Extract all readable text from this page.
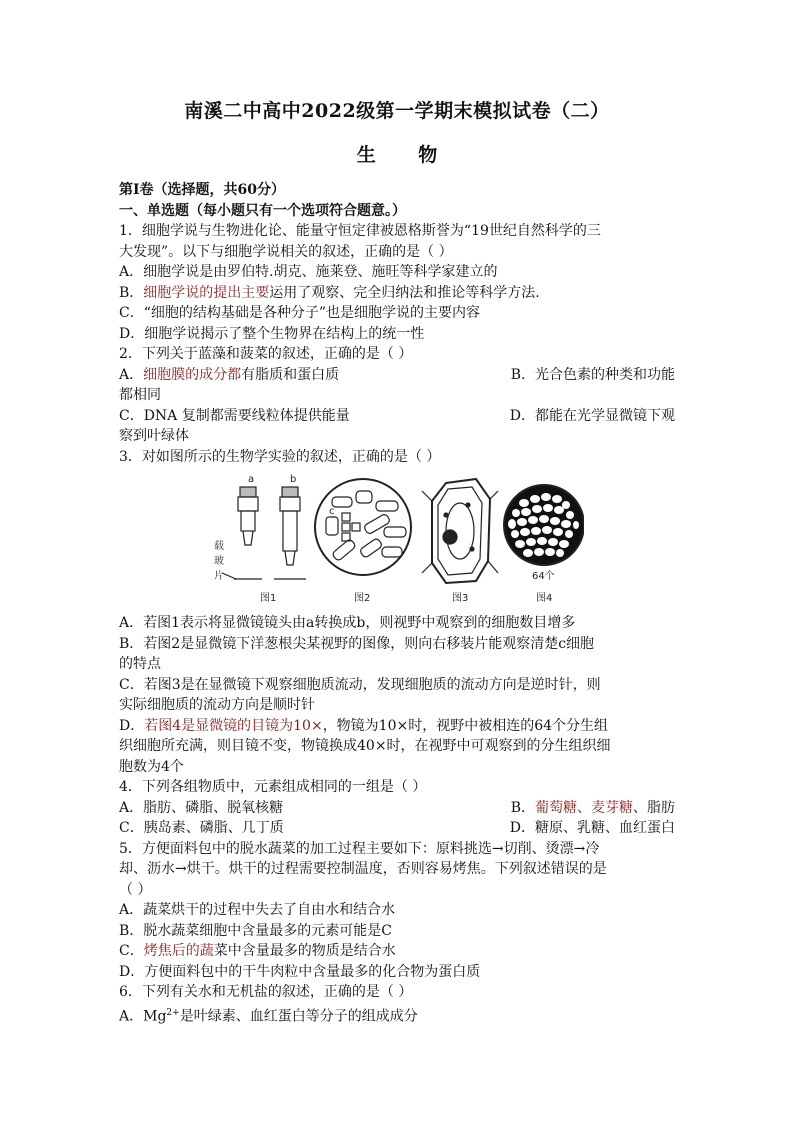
南溪二中高中2022级第一学期末模拟试卷（二）
生 物
第Ⅰ卷（选择题，共60分）
一、单选题（每小题只有一个选项符合题意。）
1．细胞学说与生物进化论、能量守恒定律被恩格斯誉为“19世纪自然科学的三
大发现”。以下与细胞学说相关的叙述，正确的是（ ）
A．细胞学说是由罗伯特.胡克、施莱登、施旺等科学家建立的
B．细胞学说的提出主要运用了观察、完全归纳法和推论等科学方法.
C．“细胞的结构基础是各种分子”也是细胞学说的主要内容
D．细胞学说揭示了整个生物界在结构上的统一性
2．下列关于蓝藻和菠菜的叙述，正确的是（ ）
A．细胞膜的成分都有脂质和蛋白质	B．光合色素的种类和功能
都相同
C．DNA 复制都需要线粒体提供能量	D．都能在光学显微镜下观
察到叶绿体
3．对如图所示的生物学实验的叙述，正确的是（ ）
a	b
载
玻
片
图1
c
图2	图3
64个
图4
A．若图1表示将显微镜镜头由a转换成b，则视野中观察到的细胞数目增多
B．若图2是显微镜下洋葱根尖某视野的图像，则向右移装片能观察清楚c细胞
的特点
C．若图3是在显微镜下观察细胞质流动，发现细胞质的流动方向是逆时针，则
实际细胞质的流动方向是顺时针
D．若图4是显微镜的目镜为10×，物镜为10×时，视野中被相连的64个分生组
织细胞所充满，则目镜不变，物镜换成40×时，在视野中可观察到的分生组织细
胞数为4个
4．下列各组物质中，元素组成相同的一组是（ ）
A．脂肪、磷脂、脱氧核糖	B．葡萄糖、麦芽糖、脂肪
C．胰岛素、磷脂、几丁质	D．糖原、乳糖、血红蛋白
5．方便面料包中的脱水蔬菜的加工过程主要如下：原料挑选→切削、烫漂→冷
却、沥水→烘干。烘干的过程需要控制温度，否则容易烤焦。下列叙述错误的是
（ ）
A．蔬菜烘干的过程中失去了自由水和结合水
B．脱水蔬菜细胞中含量最多的元素可能是C
C．烤焦后的蔬菜中含量最多的物质是结合水
D．方便面料包中的干牛肉粒中含量最多的化合物为蛋白质
6．下列有关水和无机盐的叙述，正确的是（ ）
A．$Mg^{2+}$是叶绿素、血红蛋白等分子的组成成分
